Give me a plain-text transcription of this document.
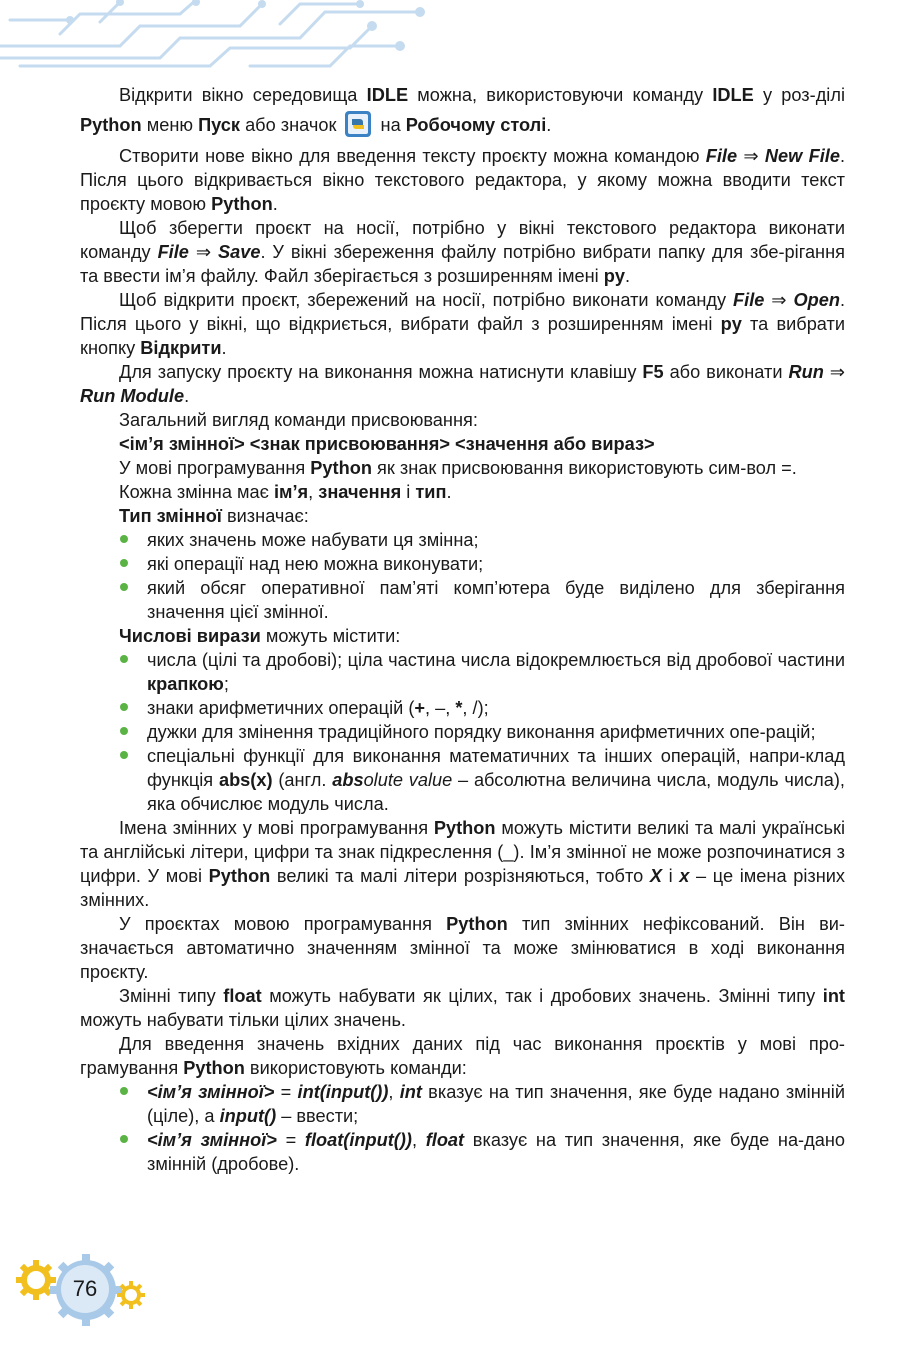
Відкрити вікно середовища IDLE можна, використовуючи команду IDLE у роз-ділі Python меню Пуск або значок  на Робочому столі.

Створити нове вікно для введення тексту проєкту можна командою File ⇒ New File. Після цього відкривається вікно текстового редактора, у якому можна вводити текст проєкту мовою Python.

Щоб зберегти проєкт на носії, потрібно у вікні текстового редактора виконати команду File ⇒ Save. У вікні збереження файлу потрібно вибрати папку для збе-рігання та ввести ім’я файлу. Файл зберігається з розширенням імені py.

Щоб відкрити проєкт, збережений на носії, потрібно виконати команду File ⇒ Open. Після цього у вікні, що відкриється, вибрати файл з розширенням імені py та вибрати кнопку Відкрити.

Для запуску проєкту на виконання можна натиснути клавішу F5 або виконати Run ⇒ Run Module.

Загальний вигляд команди присвоювання:

<ім’я змінної> <знак присвоювання> <значення або вираз>

У мові програмування Python як знак присвоювання використовують сим-вол =.

Кожна змінна має ім’я, значення і тип.

Тип змінної визначає:

яких значень може набувати ця змінна;
які операції над нею можна виконувати;
який обсяг оперативної пам’яті комп’ютера буде виділено для зберігання значення цієї змінної.

Числові вирази можуть містити:

числа (цілі та дробові); ціла частина числа відокремлюється від дробової частини крапкою;
знаки арифметичних операцій (+, –, *, /);
дужки для змінення традиційного порядку виконання арифметичних опе-рацій;
спеціальні функції для виконання математичних та інших операцій, напри-клад функція abs(x) (англ. absolute value – абсолютна величина числа, модуль числа), яка обчислює модуль числа.

Імена змінних у мові програмування Python можуть містити великі та малі українські та англійські літери, цифри та знак підкреслення (_). Ім’я змінної не може розпочинатися з цифри. У мові Python великі та малі літери розрізняються, тобто X і x – це імена різних змінних.

У проєктах мовою програмування Python тип змінних нефіксований. Він ви-значається автоматично значенням змінної та може змінюватися в ході виконання проєкту.

Змінні типу float можуть набувати як цілих, так і дробових значень. Змінні типу int можуть набувати тільки цілих значень.

Для введення значень вхідних даних під час виконання проєктів у мові про-грамування Python використовують команди:

<ім’я змінної> = int(input()), int вказує на тип значення, яке буде надано змінній (ціле), а input() – ввести;
<ім’я змінної> = float(input()), float вказує на тип значення, яке буде на-дано змінній (дробове).
76
